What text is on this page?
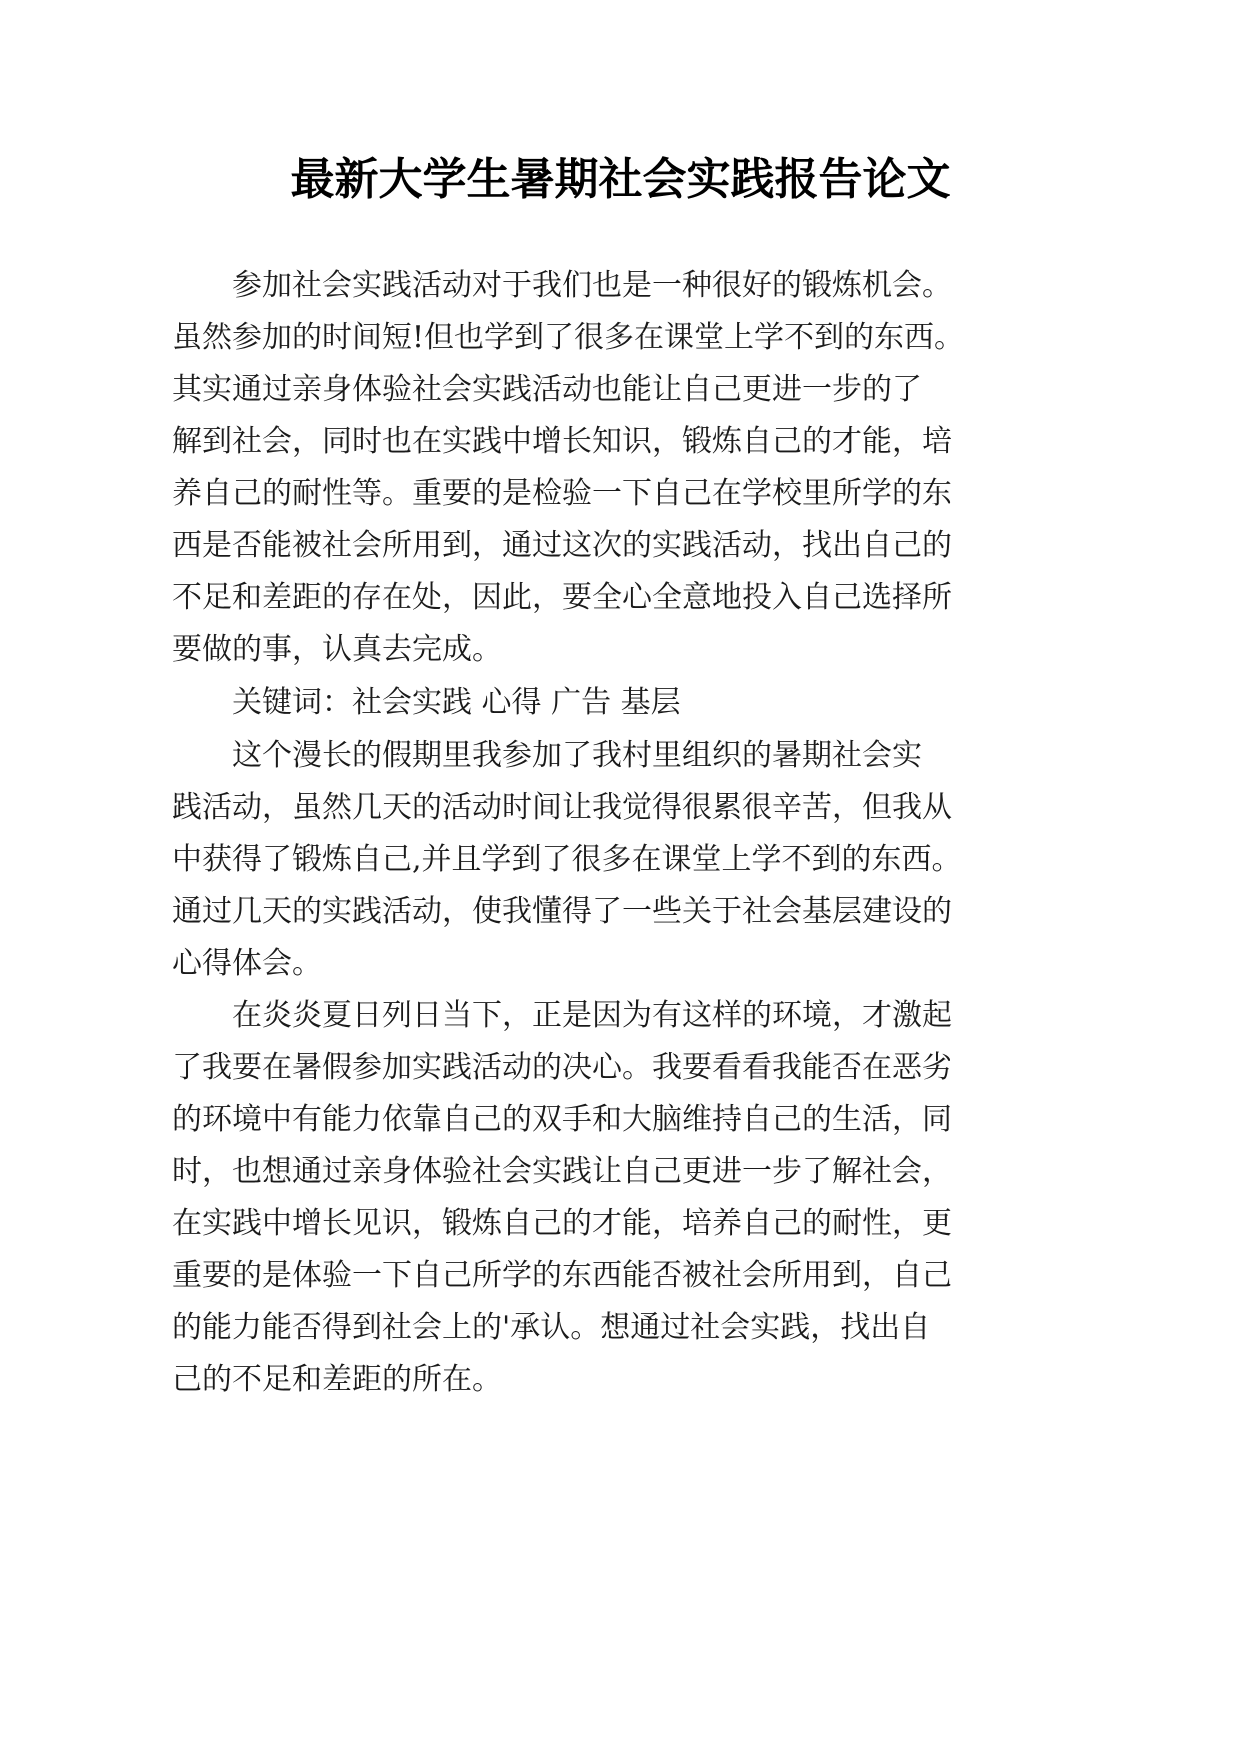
最新大学生暑期社会实践报告论文
参加社会实践活动对于我们也是一种很好的锻炼机会。
虽然参加的时间短!但也学到了很多在课堂上学不到的东西。
其实通过亲身体验社会实践活动也能让自己更进一步的了
解到社会，同时也在实践中增长知识，锻炼自己的才能，培
养自己的耐性等。重要的是检验一下自己在学校里所学的东
西是否能被社会所用到，通过这次的实践活动，找出自己的
不足和差距的存在处，因此，要全心全意地投入自己选择所
要做的事，认真去完成。
关键词：社会实践 心得 广告 基层
这个漫长的假期里我参加了我村里组织的暑期社会实
践活动，虽然几天的活动时间让我觉得很累很辛苦，但我从
中获得了锻炼自己,并且学到了很多在课堂上学不到的东西。
通过几天的实践活动，使我懂得了一些关于社会基层建设的
心得体会。
在炎炎夏日列日当下，正是因为有这样的环境，才激起
了我要在暑假参加实践活动的决心。我要看看我能否在恶劣
的环境中有能力依靠自己的双手和大脑维持自己的生活，同
时，也想通过亲身体验社会实践让自己更进一步了解社会，
在实践中增长见识，锻炼自己的才能，培养自己的耐性，更
重要的是体验一下自己所学的东西能否被社会所用到，自己
的能力能否得到社会上的'承认。想通过社会实践，找出自
己的不足和差距的所在。
